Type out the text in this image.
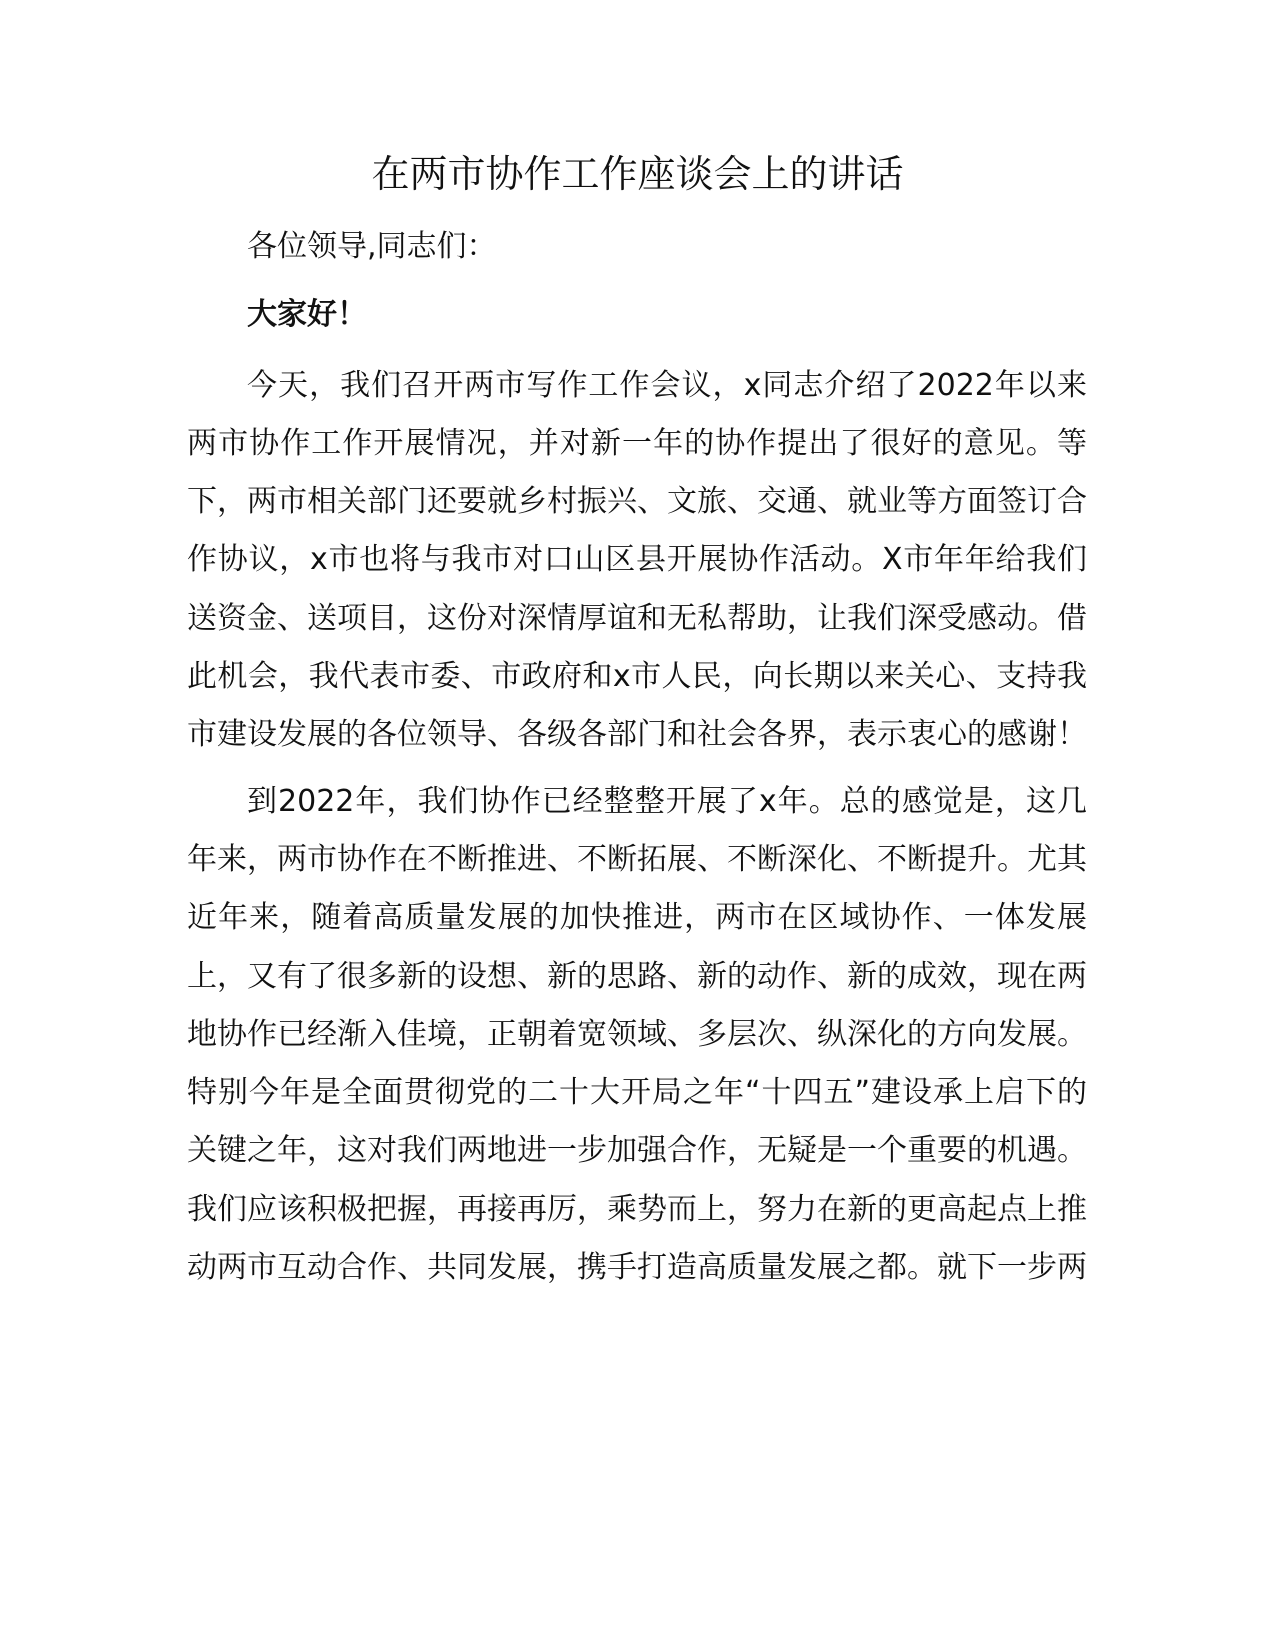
在两市协作工作座谈会上的讲话

各位领导,同志们：

大家好！

今天，我们召开两市写作工作会议，x同志介绍了2022年以来两市协作工作开展情况，并对新一年的协作提出了很好的意见。等下，两市相关部门还要就乡村振兴、文旅、交通、就业等方面签订合作协议，x市也将与我市对口山区县开展协作活动。X市年年给我们送资金、送项目，这份对深情厚谊和无私帮助，让我们深受感动。借此机会，我代表市委、市政府和x市人民，向长期以来关心、支持我市建设发展的各位领导、各级各部门和社会各界，表示衷心的感谢！

到2022年，我们协作已经整整开展了x年。总的感觉是，这几年来，两市协作在不断推进、不断拓展、不断深化、不断提升。尤其近年来，随着高质量发展的加快推进，两市在区域协作、一体发展上，又有了很多新的设想、新的思路、新的动作、新的成效，现在两地协作已经渐入佳境，正朝着宽领域、多层次、纵深化的方向发展。特别今年是全面贯彻党的二十大开局之年“十四五”建设承上启下的关键之年，这对我们两地进一步加强合作，无疑是一个重要的机遇。我们应该积极把握，再接再厉，乘势而上，努力在新的更高起点上推动两市互动合作、共同发展，携手打造高质量发展之都。就下一步两
